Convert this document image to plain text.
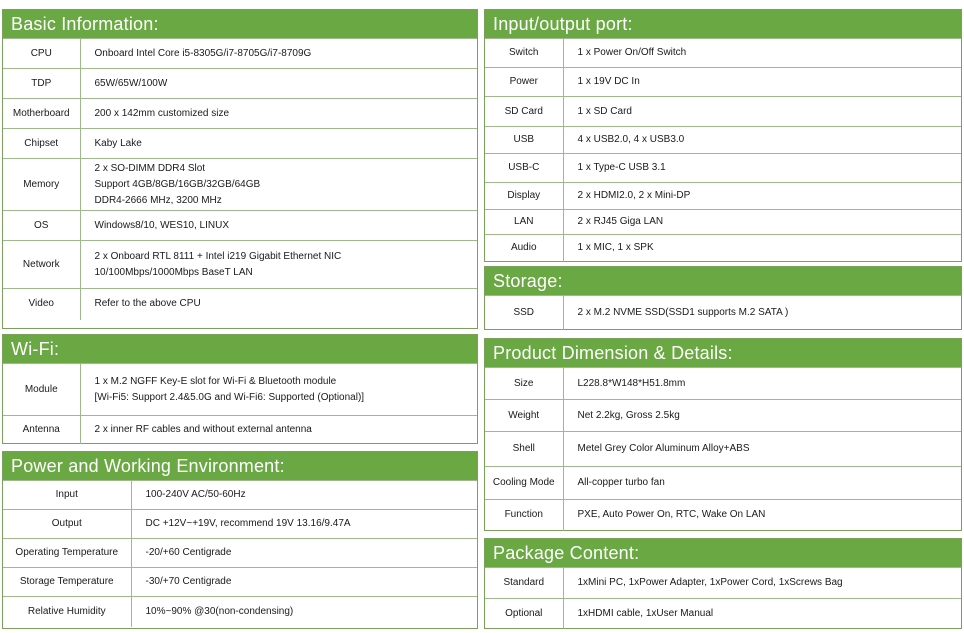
Basic Information:
CPU	Onboard Intel Core i5-8305G/i7-8705G/i7-8709G

TDP	65W/65W/100W

Motherboard	200 x 142mm customized size

Chipset	Kaby Lake

Memory	2 x SO-DIMM DDR4 Slot
Support 4GB/8GB/16GB/32GB/64GB
DDR4-2666 MHz, 3200 MHz

OS	Windows8/10, WES10, LINUX

Network	2 x Onboard RTL 8111 + Intel i219 Gigabit Ethernet NIC
10/100Mbps/1000Mbps BaseT LAN

Video	Refer to the above CPU
Wi-Fi:
Module	1 x M.2 NGFF Key-E slot for Wi-Fi & Bluetooth module
[Wi-Fi5: Support 2.4&5.0G and Wi-Fi6: Supported (Optional)]

Antenna	2 x inner RF cables and without external antenna
Power and Working Environment:
Input	100-240V AC/50-60Hz

Output	DC +12V~+19V, recommend 19V 13.16/9.47A

Operating Temperature	-20/+60 Centigrade

Storage Temperature	-30/+70 Centigrade

Relative Humidity	10%~90% @30(non-condensing)
Input/output port:
Switch	1 x Power On/Off Switch

Power	1 x 19V DC In

SD Card	1 x SD Card

USB	4 x USB2.0, 4 x USB3.0

USB-C	1 x Type-C USB 3.1

Display	2 x HDMI2.0, 2 x Mini-DP

LAN	2 x RJ45 Giga LAN

Audio	1 x MIC, 1 x SPK
Storage:
SSD	2 x M.2 NVME SSD(SSD1 supports M.2 SATA )
Product Dimension & Details:
Size	L228.8*W148*H51.8mm

Weight	Net 2.2kg, Gross 2.5kg

Shell	Metel Grey Color Aluminum Alloy+ABS

Cooling Mode	All-copper turbo fan

Function	PXE, Auto Power On, RTC, Wake On LAN
Package Content:
Standard	1xMini PC, 1xPower Adapter, 1xPower Cord, 1xScrews Bag

Optional	1xHDMI cable, 1xUser Manual
